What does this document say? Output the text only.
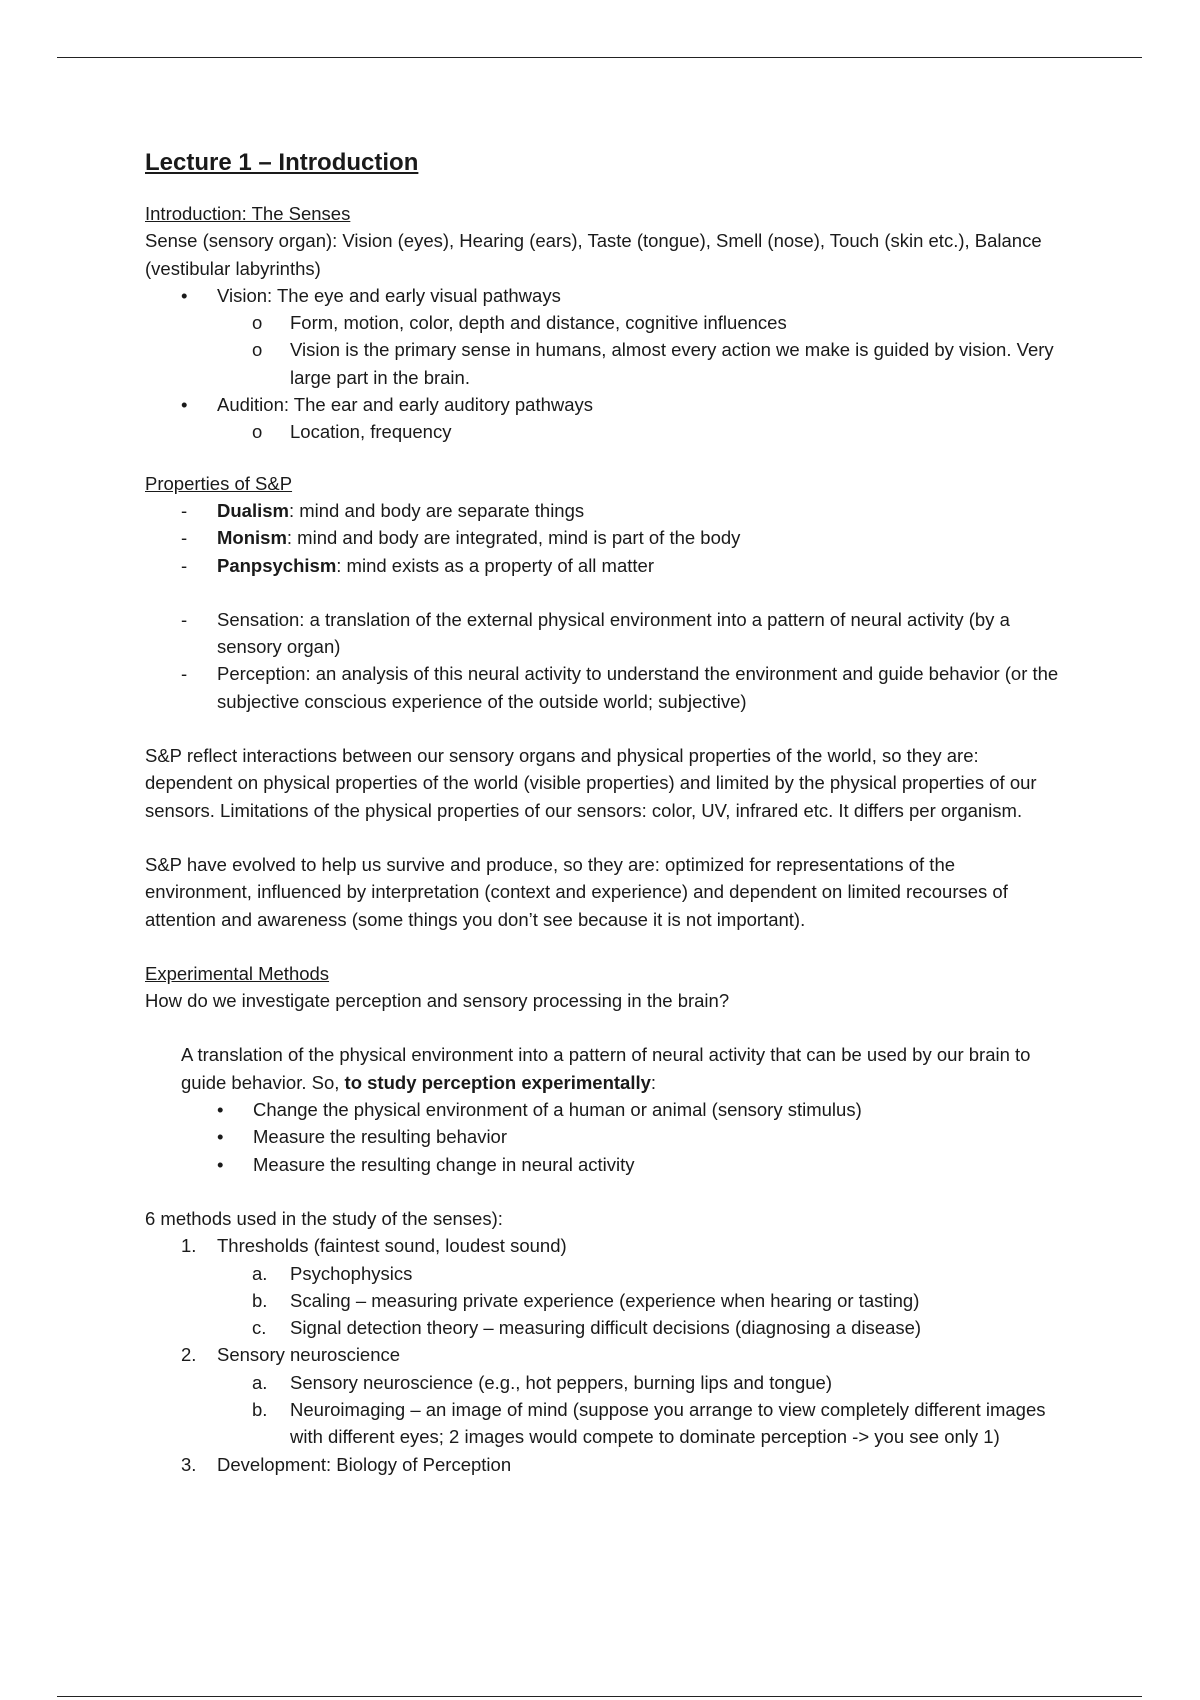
Lecture 1 – Introduction

Introduction: The Senses

Sense (sensory organ): Vision (eyes), Hearing (ears), Taste (tongue), Smell (nose), Touch (skin etc.), Balance (vestibular labyrinths)

• Vision: The eye and early visual pathways
o Form, motion, color, depth and distance, cognitive influences
o Vision is the primary sense in humans, almost every action we make is guided by vision. Very large part in the brain.
• Audition: The ear and early auditory pathways
o Location, frequency

Properties of S&P

- Dualism: mind and body are separate things
- Monism: mind and body are integrated, mind is part of the body
- Panpsychism: mind exists as a property of all matter
- Sensation: a translation of the external physical environment into a pattern of neural activity (by a sensory organ)
- Perception: an analysis of this neural activity to understand the environment and guide behavior (or the subjective conscious experience of the outside world; subjective)

S&P reflect interactions between our sensory organs and physical properties of the world, so they are: dependent on physical properties of the world (visible properties) and limited by the physical properties of our sensors. Limitations of the physical properties of our sensors: color, UV, infrared etc. It differs per organism.

S&P have evolved to help us survive and produce, so they are: optimized for representations of the environment, influenced by interpretation (context and experience) and dependent on limited recourses of attention and awareness (some things you don’t see because it is not important).

Experimental Methods

How do we investigate perception and sensory processing in the brain?

A translation of the physical environment into a pattern of neural activity that can be used by our brain to guide behavior. So, to study perception experimentally:

• Change the physical environment of a human or animal (sensory stimulus)
• Measure the resulting behavior
• Measure the resulting change in neural activity

6 methods used in the study of the senses):

1. Thresholds (faintest sound, loudest sound)
a. Psychophysics
b. Scaling – measuring private experience (experience when hearing or tasting)
c. Signal detection theory – measuring difficult decisions (diagnosing a disease)
2. Sensory neuroscience
a. Sensory neuroscience (e.g., hot peppers, burning lips and tongue)
b. Neuroimaging – an image of mind (suppose you arrange to view completely different images with different eyes; 2 images would compete to dominate perception -> you see only 1)
3. Development: Biology of Perception
